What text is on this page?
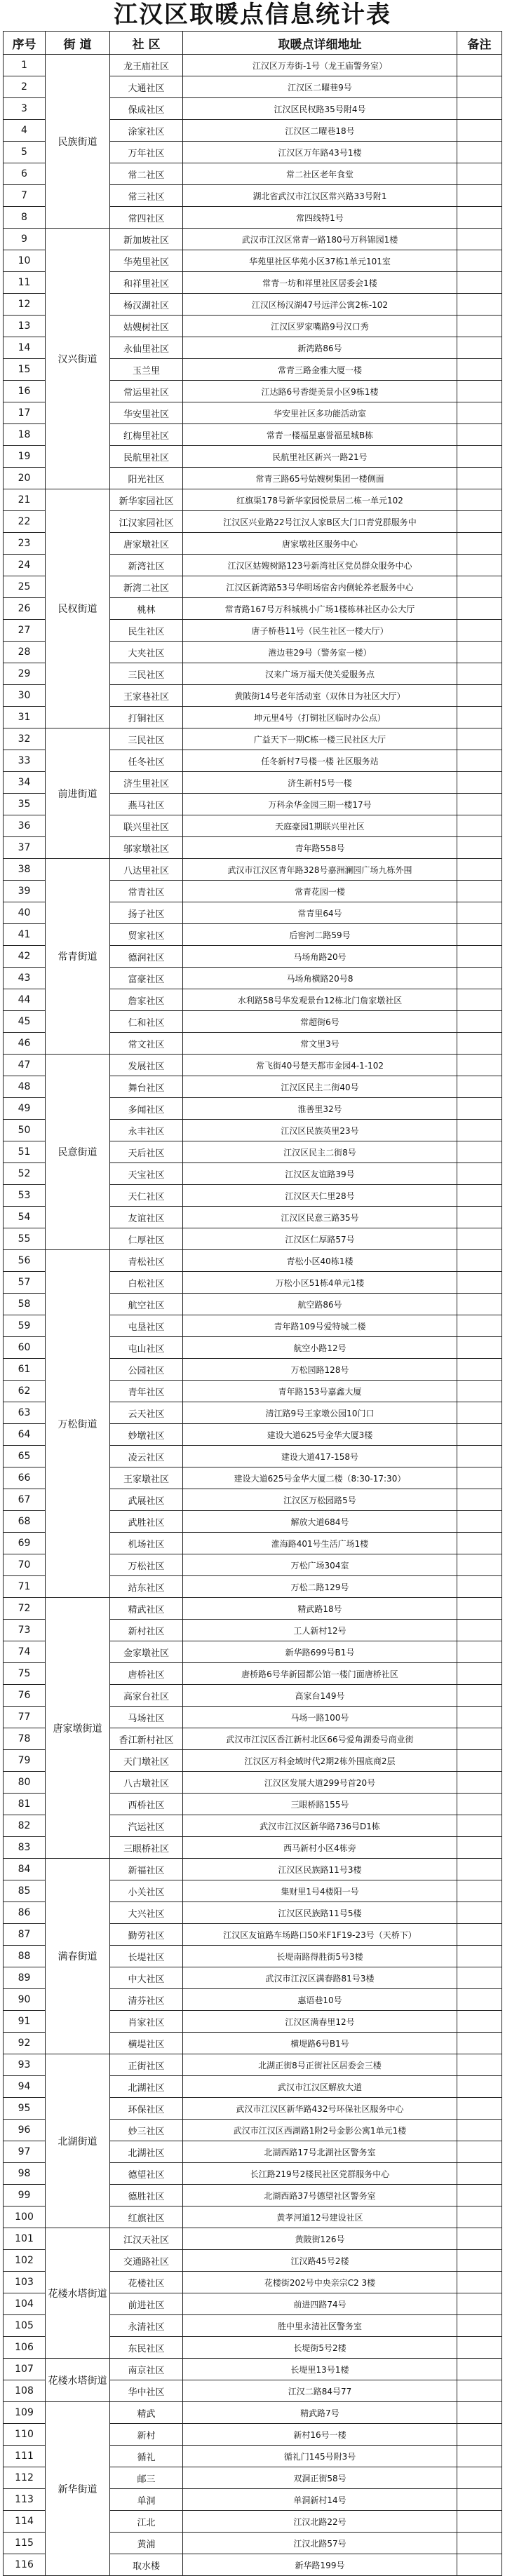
江汉区取暖点信息统计表
序号	街 道	社 区	取暖点详细地址	备注
1	民族街道	龙王庙社区	江汉区万寿街-1号（龙王庙警务室）	
2		大通社区	江汉区二曜巷9号	
3		保成社区	江汉区民权路35号附4号	
4		涂家社区	江汉区二曜巷18号	
5		万年社区	江汉区万年路43号1楼	
6		常二社区	常二社区老年食堂	
7		常三社区	湖北省武汉市江汉区常兴路33号附1	
8		常四社区	常四线特1号	
9	汉兴街道	新加坡社区	武汉市江汉区常青一路180号万科锦园1楼	
10		华苑里社区	华苑里社区华苑小区37栋1单元101室	
11		和祥里社区	常青一坊和祥里社区居委会1楼	
12		杨汉湖社区	江汉区杨汉湖47号远洋公寓2栋-102	
13		姑嫂树社区	江汉区罗家嘴路9号汉口秀	
14		永仙里社区	新湾路86号	
15		玉兰里	常青三路金雅大厦一楼	
16		常运里社区	江达路6号香缇美景小区9栋1楼	
17		华安里社区	华安里社区多功能活动室	
18		红梅里社区	常青一楼福星惠誉福星城B栋	
19		民航里社区	民航里社区新兴一路21号	
20		阳光社区	常青三路65号姑嫂树集团一楼侧面	
21	民权街道	新华家园社区	红旗渠178号新华家园悦景居二栋一单元102	
22		江汉家园社区	江汉区兴业路22号江汉人家B区大门口青党群服务中	
23		唐家墩社区	唐家墩社区服务中心	
24		新湾社区	江汉区姑嫂树路123号新湾社区党员群众服务中心	
25		新湾二社区	江汉区新湾路53号华明场宿舍内侧轮养老服务中心	
26		桃林	常青路167号万科城桃小广场1楼栋林社区办公大厅	
27		民生社区	唐子桥巷11号（民生社区一楼大厅）	
28		大夹社区	港边巷29号（警务室一楼）	
29		三民社区	汉来广场万福天使关爱服务点	
30		王家巷社区	黄陂街14号老年活动室（双休日为社区大厅）	
31		打铜社区	坤元里4号（打铜社区临时办公点）	
32	前进街道	三民社区	广益天下一期C栋一楼三民社区大厅	
33		任冬社区	任冬新村7号楼一楼 社区服务站	
34		济生里社区	济生新村5号一楼	
35		燕马社区	万科余华金园三期一楼17号	
36		联兴里社区	天庭豪园1期联兴里社区	
37		邬家墩社区	青年路558号	
38	常青街道	八达里社区	武汉市江汉区青年路328号嘉洲澜园广场九栋外围	
39		常青社区	常青花园一楼	
40		扬子社区	常青里64号	
41		贸家社区	后窖河二路59号	
42		德润社区	马场角路20号	
43		富豪社区	马场角横路20号8	
44		詹家社区	水利路58号华发观景台12栋北门詹家墩社区	
45		仁和社区	常超街6号	
46		常文社区	常文里3号	
47	民意街道	发展社区	常飞街40号楚天都市金园4-1-102	
48		舞台社区	江汉区民主二街40号	
49		多闻社区	淮善里32号	
50		永丰社区	江汉区民族英里23号	
51		天后社区	江汉区民主二街8号	
52		天宝社区	江汉区友谊路39号	
53		天仁社区	江汉区天仁里28号	
54		友谊社区	江汉区民意三路35号	
55		仁厚社区	江汉区仁厚路57号	
56	万松街道	青松社区	青松小区40栋1楼	
57		白松社区	万松小区51栋4单元1楼	
58		航空社区	航空路86号	
59		屯垦社区	青年路109号爱特城二楼	
60		屯山社区	航空小路12号	
61		公园社区	万松园路128号	
62		青年社区	青年路153号嘉鑫大厦	
63		云天社区	清江路9号王家墩公园10门口	
64		妙墩社区	建设大道625号金华大厦3楼	
65		凌云社区	建设大道417-158号	
66		王家墩社区	建设大道625号金华大厦二楼（8:30-17:30）	
67		武展社区	江汉区万松园路5号	
68		武胜社区	解放大道684号	
69		机场社区	淮海路401号生活广场1楼	
70		万松社区	万松广场304室	
71		站东社区	万松二路129号	
72	唐家墩街道	精武社区	精武路18号	
73		新村社区	工人新村12号	
74		金家墩社区	新华路699号B1号	
75		唐桥社区	唐桥路6号华新园都公馆一楼门面唐桥社区	
76		高家台社区	高家台149号	
77		马场社区	马场一路100号	
78		香江新村社区	武汉市江汉区香江新村北区66号爱角湖委号商业街	
79		天门墩社区	江汉区万科金域时代2期2栋外围底商2层	
80		八古墩社区	江汉区发展大道299号首20号	
81		西桥社区	三眼桥路155号	
82		汽运社区	武汉市江汉区新华路736号D1栋	
83		三眼桥社区	西马新村小区4栋旁	
84	满春街道	新福社区	江汉区民族路11号3楼	
85		小关社区	集财里1号4楼阳一号	
86		大兴社区	江汉区民族路11号5楼	
87		勤劳社区	江汉区友谊路车场路口50米F1F19-23号（天桥下）	
88		长堤社区	长堤南路得胜街5号3楼	
89		中大社区	武汉市江汉区满春路81号3楼	
90		清芬社区	惠语巷10号	
91		肖家社区	江汉区满春里12号	
92		横堤社区	横堤路6号B1号	
93	北湖街道	正街社区	北湖正街8号正街社区居委会三楼	
94		北湖社区	武汉市江汉区解放大道	
95		环保社区	武汉市江汉区新华路432号环保社区服务中心	
96		妙三社区	武汉市江汉区西湖路1附2号金影公寓1单元1楼	
97		北湖社区	北湖西路17号北湖社区警务室	
98		德望社区	长江路219号2楼民社区党群服务中心	
99		德胜社区	北湖西路37号德望社区警务室	
100		红旗社区	黄孝河道12号建设社区	
101	花楼水塔街道	江汉天社区	黄陂街126号	
102		交通路社区	江汉路45号2楼	
103		花楼社区	花楼街202号中央亲宗C2 3楼	
104		前进社区	前进四路74号	
105		永清社区	胜中里永清社区警务室	
106		东民社区	长堤街5号2楼	
107	花楼水塔街道	南京社区	长堤里13号1楼	
108		华中社区	江汉二路84号77	
109	新华街道	精武	精武路7号	
110		新村	新村16号一楼	
111		循礼	循礼门145号附3号	
112		邮三	双洞正街58号	
113		单洞	单洞新村14号	
114		江北	江汉北路22号	
115		黄浦	江汉北路57号	
116		取水楼	新华路199号	
